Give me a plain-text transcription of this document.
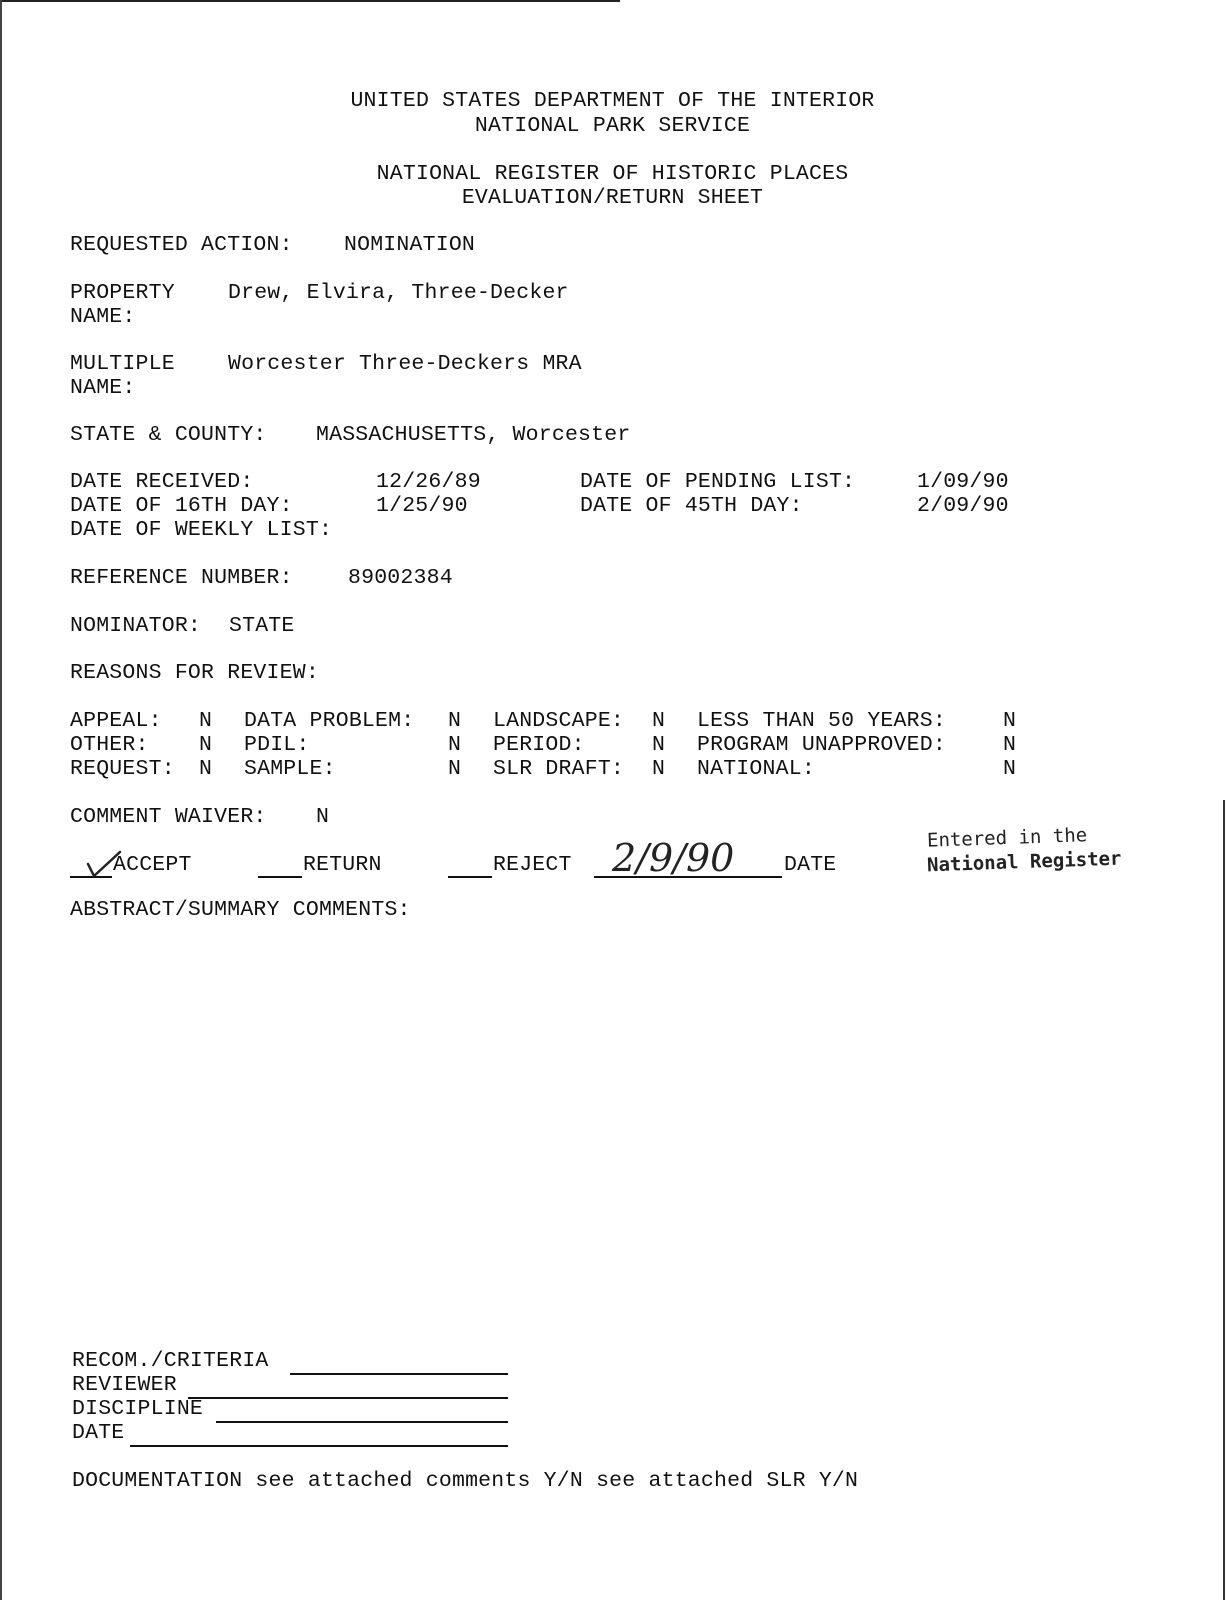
UNITED STATES DEPARTMENT OF THE INTERIOR
NATIONAL PARK SERVICE
NATIONAL REGISTER OF HISTORIC PLACES
EVALUATION/RETURN SHEET
REQUESTED ACTION: NOMINATION
PROPERTY
NAME:
Drew, Elvira, Three-Decker
MULTIPLE
NAME:
Worcester Three-Deckers MRA
STATE & COUNTY: MASSACHUSETTS, Worcester
DATE RECEIVED:	12/26/89	DATE OF PENDING LIST:	1/09/90
DATE OF 16TH DAY:	1/25/90	DATE OF 45TH DAY:	2/09/90
DATE OF WEEKLY LIST:
REFERENCE NUMBER:	89002384
NOMINATOR: STATE
REASONS FOR REVIEW:
APPEAL: N DATA PROBLEM: N LANDSCAPE: N LESS THAN 50 YEARS:	N
OTHER: N PDIL:	N PERIOD:	N PROGRAM UNAPPROVED:	N
REQUEST: N SAMPLE:	N SLR DRAFT: N NATIONAL:	N
COMMENT WAIVER: N
ACCEPT	RETURN	REJECT 2/9/90 DATE
Entered in the
National Register
ABSTRACT/SUMMARY COMMENTS:
RECOM./CRITERIA
REVIEWER
DISCIPLINE
DATE
DOCUMENTATION see attached comments Y/N see attached SLR Y/N
